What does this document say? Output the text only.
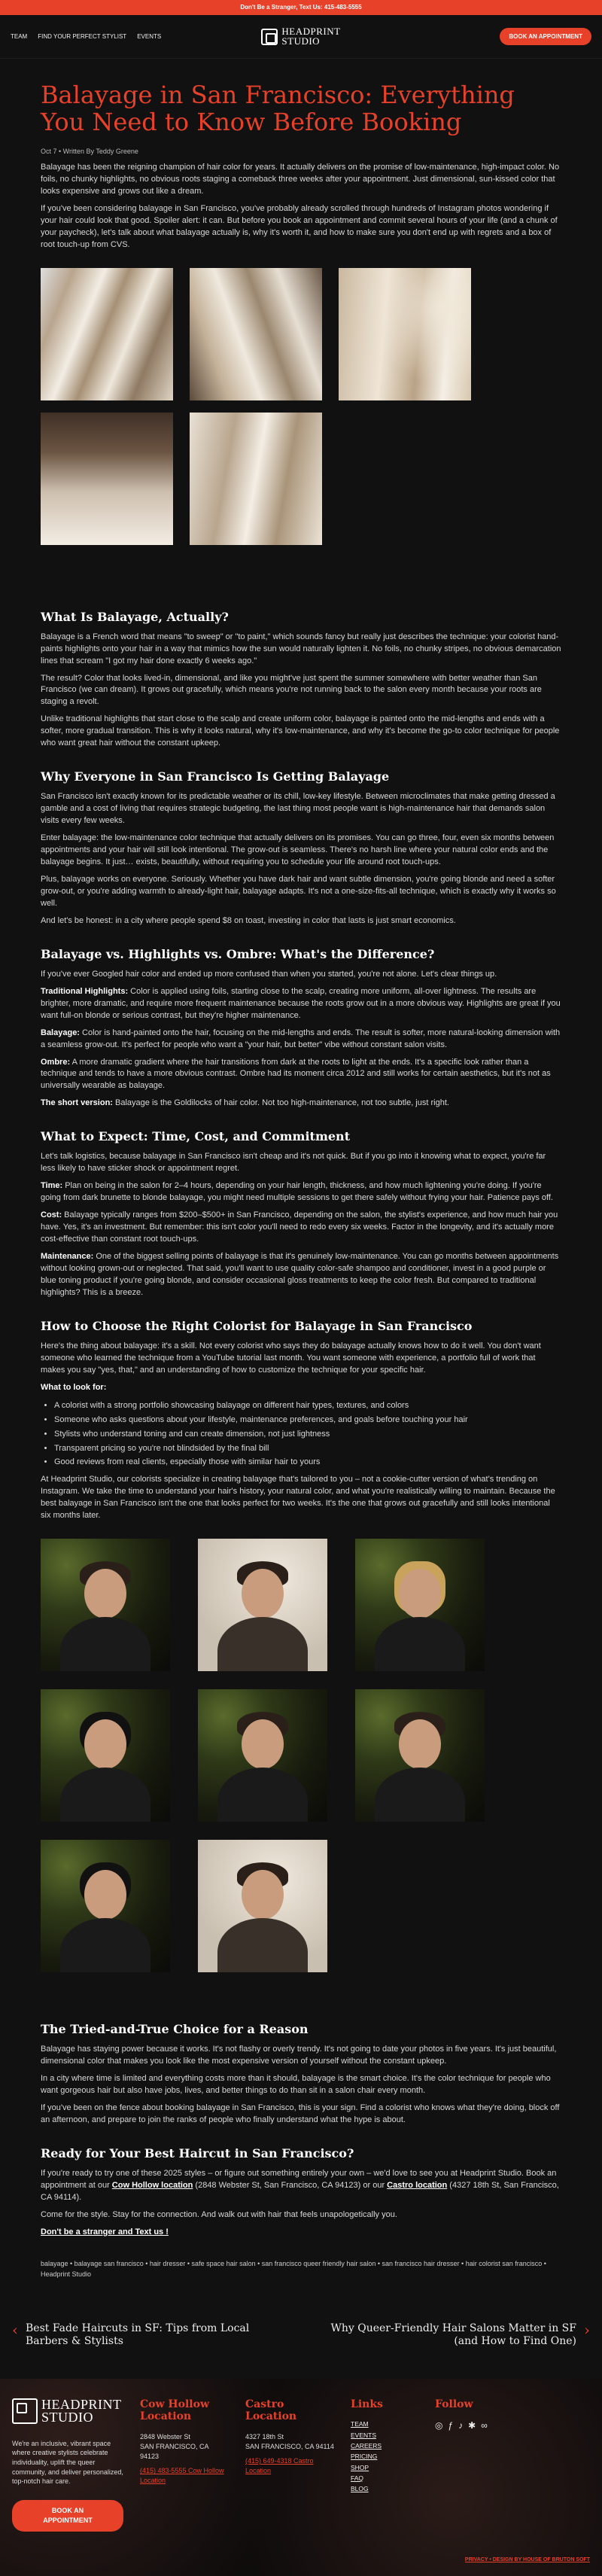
Don't Be a Stranger, Text Us: 415-483-5555
TEAM FIND YOUR PERFECT STYLIST EVENTS	HEADPRINT
STUDIO	BOOK AN APPOINTMENT
Balayage in San Francisco: Everything You Need to Know Before Booking
Oct 7 • Written By Teddy Greene

Balayage has been the reigning champion of hair color for years. It actually delivers on the promise of low-maintenance, high-impact color. No foils, no chunky highlights, no obvious roots staging a comeback three weeks after your appointment. Just dimensional, sun-kissed color that looks expensive and grows out like a dream.

If you've been considering balayage in San Francisco, you've probably already scrolled through hundreds of Instagram photos wondering if your hair could look that good. Spoiler alert: it can. But before you book an appointment and commit several hours of your life (and a chunk of your paycheck), let's talk about what balayage actually is, why it's worth it, and how to make sure you don't end up with regrets and a box of root touch-up from CVS.

What Is Balayage, Actually?

Balayage is a French word that means "to sweep" or "to paint," which sounds fancy but really just describes the technique: your colorist hand-paints highlights onto your hair in a way that mimics how the sun would naturally lighten it. No foils, no chunky stripes, no obvious demarcation lines that scream "I got my hair done exactly 6 weeks ago."

The result? Color that looks lived-in, dimensional, and like you might've just spent the summer somewhere with better weather than San Francisco (we can dream). It grows out gracefully, which means you're not running back to the salon every month because your roots are staging a revolt.

Unlike traditional highlights that start close to the scalp and create uniform color, balayage is painted onto the mid-lengths and ends with a softer, more gradual transition. This is why it looks natural, why it's low-maintenance, and why it's become the go-to color technique for people who want great hair without the constant upkeep.

Why Everyone in San Francisco Is Getting Balayage

San Francisco isn't exactly known for its predictable weather or its chill, low-key lifestyle. Between microclimates that make getting dressed a gamble and a cost of living that requires strategic budgeting, the last thing most people want is high-maintenance hair that demands salon visits every few weeks.

Enter balayage: the low-maintenance color technique that actually delivers on its promises. You can go three, four, even six months between appointments and your hair will still look intentional. The grow-out is seamless. There's no harsh line where your natural color ends and the balayage begins. It just… exists, beautifully, without requiring you to schedule your life around root touch-ups.

Plus, balayage works on everyone. Seriously. Whether you have dark hair and want subtle dimension, you're going blonde and need a softer grow-out, or you're adding warmth to already-light hair, balayage adapts. It's not a one-size-fits-all technique, which is exactly why it works so well.

And let's be honest: in a city where people spend $8 on toast, investing in color that lasts is just smart economics.

Balayage vs. Highlights vs. Ombre: What's the Difference?

If you've ever Googled hair color and ended up more confused than when you started, you're not alone. Let's clear things up.

Traditional Highlights: Color is applied using foils, starting close to the scalp, creating more uniform, all-over lightness. The results are brighter, more dramatic, and require more frequent maintenance because the roots grow out in a more obvious way. Highlights are great if you want full-on blonde or serious contrast, but they're higher maintenance.

Balayage: Color is hand-painted onto the hair, focusing on the mid-lengths and ends. The result is softer, more natural-looking dimension with a seamless grow-out. It's perfect for people who want a "your hair, but better" vibe without constant salon visits.

Ombre: A more dramatic gradient where the hair transitions from dark at the roots to light at the ends. It's a specific look rather than a technique and tends to have a more obvious contrast. Ombre had its moment circa 2012 and still works for certain aesthetics, but it's not as universally wearable as balayage.

The short version: Balayage is the Goldilocks of hair color. Not too high-maintenance, not too subtle, just right.

What to Expect: Time, Cost, and Commitment

Let's talk logistics, because balayage in San Francisco isn't cheap and it's not quick. But if you go into it knowing what to expect, you're far less likely to have sticker shock or appointment regret.

Time: Plan on being in the salon for 2–4 hours, depending on your hair length, thickness, and how much lightening you're doing. If you're going from dark brunette to blonde balayage, you might need multiple sessions to get there safely without frying your hair. Patience pays off.

Cost: Balayage typically ranges from $200–$500+ in San Francisco, depending on the salon, the stylist's experience, and how much hair you have. Yes, it's an investment. But remember: this isn't color you'll need to redo every six weeks. Factor in the longevity, and it's actually more cost-effective than constant root touch-ups.

Maintenance: One of the biggest selling points of balayage is that it's genuinely low-maintenance. You can go months between appointments without looking grown-out or neglected. That said, you'll want to use quality color-safe shampoo and conditioner, invest in a good purple or blue toning product if you're going blonde, and consider occasional gloss treatments to keep the color fresh. But compared to traditional highlights? This is a breeze.

How to Choose the Right Colorist for Balayage in San Francisco

Here's the thing about balayage: it's a skill. Not every colorist who says they do balayage actually knows how to do it well. You don't want someone who learned the technique from a YouTube tutorial last month. You want someone with experience, a portfolio full of work that makes you say "yes, that," and an understanding of how to customize the technique for your specific hair.

What to look for:

• A colorist with a strong portfolio showcasing balayage on different hair types, textures, and colors
• Someone who asks questions about your lifestyle, maintenance preferences, and goals before touching your hair
• Stylists who understand toning and can create dimension, not just lightness
• Transparent pricing so you're not blindsided by the final bill
• Good reviews from real clients, especially those with similar hair to yours

At Headprint Studio, our colorists specialize in creating balayage that's tailored to you – not a cookie-cutter version of what's trending on Instagram. We take the time to understand your hair's history, your natural color, and what you're realistically willing to maintain. Because the best balayage in San Francisco isn't the one that looks perfect for two weeks. It's the one that grows out gracefully and still looks intentional six months later.

The Tried-and-True Choice for a Reason

Balayage has staying power because it works. It's not flashy or overly trendy. It's not going to date your photos in five years. It's just beautiful, dimensional color that makes you look like the most expensive version of yourself without the constant upkeep.

In a city where time is limited and everything costs more than it should, balayage is the smart choice. It's the color technique for people who want gorgeous hair but also have jobs, lives, and better things to do than sit in a salon chair every month.

If you've been on the fence about booking balayage in San Francisco, this is your sign. Find a colorist who knows what they're doing, block off an afternoon, and prepare to join the ranks of people who finally understand what the hype is about.

Ready for Your Best Haircut in San Francisco?

If you're ready to try one of these 2025 styles – or figure out something entirely your own – we'd love to see you at Headprint Studio. Book an appointment at our Cow Hollow location (2848 Webster St, San Francisco, CA 94123) or our Castro location (4327 18th St, San Francisco, CA 94114).

Come for the style. Stay for the connection. And walk out with hair that feels unapologetically you.

Don't be a stranger and Text us !

balayage • balayage san francisco • hair dresser • safe space hair salon • san francisco queer friendly hair salon • san francisco hair dresser • hair colorist san francisco • Headprint Studio
‹ Best Fade Haircuts in SF: Tips from Local Barbers & Stylists
Why Queer-Friendly Hair Salons Matter in SF (and How to Find One)
›
HEADPRINT
STUDIO

We're an inclusive, vibrant space where creative stylists celebrate individuality, uplift the queer community, and deliver personalized, top-notch hair care.

BOOK AN APPOINTMENT
Cow Hollow Location
2848 Webster St
SAN FRANCISCO, CA 94123
(415) 483-5555 Cow Hollow Location
Castro Location
4327 18th St
SAN FRANCISCO, CA 94114
(415) 649-4318 Castro Location
Links
TEAM
EVENTS
CAREERS
PRICING
SHOP
FAQ
BLOG
Follow
◎ ƒ ♪ ✱ ∞
PRIVACY • DESIGN BY HOUSE OF BRUTON SOFT
